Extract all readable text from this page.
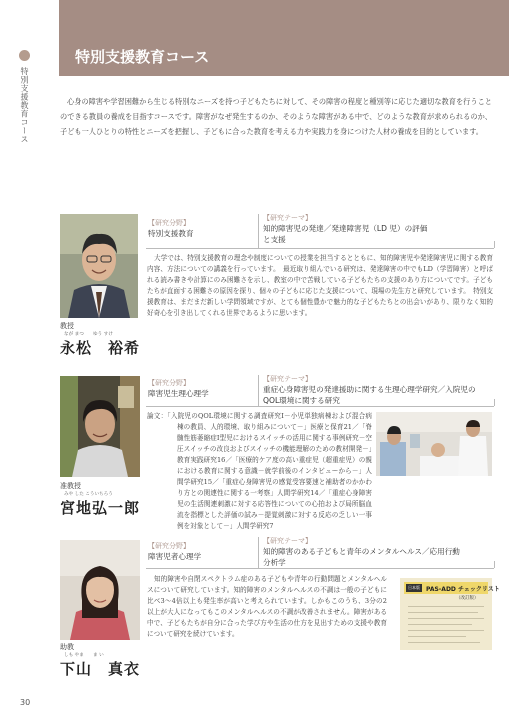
特別支援教育コース
特別支援教育コース

心身の障害や学習困難から生じる特別なニーズを持つ子どもたちに対して、その障害の程度と種別等に応じた適切な教育を行うことのできる教員の養成を目指すコースです。障害がなぜ発生するのか、そのような障害がある中で、どのような教育が求められるのか、子ども一人ひとりの特性とニーズを把握し、子どもに合った教育を考える力や実践力を身につけた人材の養成を目的としています。

【研究分野】
特別支援教育
【研究テーマ】
知的障害児の発達／発達障害児（LD 児）の評価と支援

大学では、特別支援教育の理念や制度についての授業を担当するとともに、知的障害児や発達障害児に関する教育内容、方法についての講義を行っています。　最近取り組んでいる研究は、発達障害の中でもLD（学習障害）と呼ばれる読み書きや計算にのみ困難さを示し、教室の中で苦戦している子どもたちの支援のあり方についてです。子どもたちが直面する困難さの原因を探り、個々の子どもに応じた支援について、現場の先生方と研究しています。　特別支援教育は、まだまだ新しい学問領域ですが、とても個性豊かで魅力的な子どもたちとの出会いがあり、限りなく知的好奇心を引き出してくれる世界であるように思います。

教授
なが まつ　　ゆう すけ
永松　裕希
【研究分野】
障害児生理心理学
【研究テーマ】
重症心身障害児の発達援助に関する生理心理学研究／入院児のQOL環境に関する研究

論文：「入院児のQOL環境に関する調査研究Ⅰ－小児単独病棟および混合病棟の教員、人的環境、取り組みについて－」医療と保育21／「脊髄性筋萎縮症Ⅰ型児におけるスイッチの活用に関する事例研究－空圧スイッチの改良およびスイッチの機能理解のための教材開発－」教育実践研究16／「医療的ケア度の高い重症児（超重症児）の親における教育に関する意識－就学前後のインタビューから－」人間学研究15／「重症心身障害児の感覚受容要速と補助者のかかわり方との関連性に関する一考察」人間学研究14／「重症心身障害児の生活関連刺激に対する応答性についての心拍および局所脳血流を指標とした評価の試み－提覚刺激に対する反応の乏しい一事例を対象として－」人間学研究7

准教授
みや した こういちろう
宮地弘一郎
【研究分野】
障害児者心理学
【研究テーマ】
知的障害のある子どもと青年のメンタルヘルス／応用行動分析学

知的障害や自閉スペクトラム症のある子どもや青年の行動問題とメンタルヘルスについて研究しています。知的障害のメンタルヘルスの不調は一般の子どもに比べ3～4倍以上も発生率が高いと考えられています。しかもこのうち、3分の2以上が大人になってもこのメンタルヘルスの不調が改善されません。障害がある中で、子どもたちが自分に合った学び方や生活の仕方を見出すための支援や教育について研究を続けています。

日本版	PAS-ADD チェックリスト
（改訂版）
助教
しも やま　　ま い
下山　真衣
30
